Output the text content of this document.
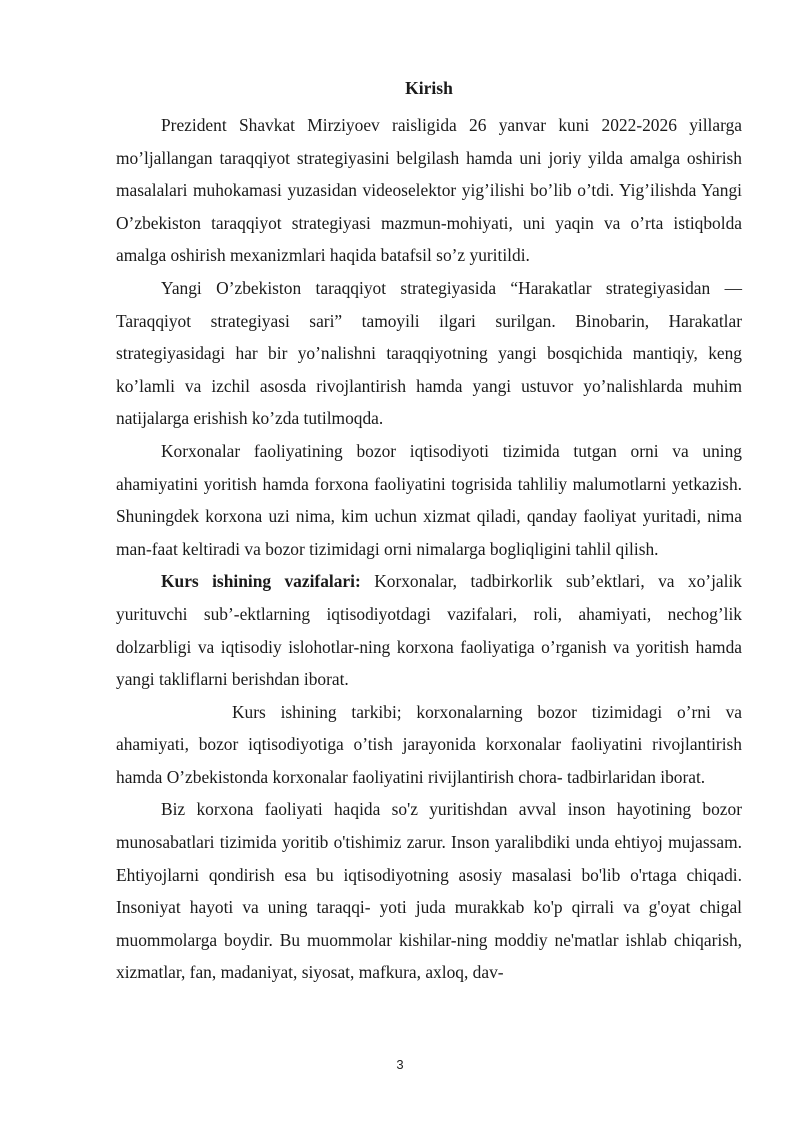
Kirish

Prezident Shavkat Mirziyoev raisligida 26 yanvar kuni 2022-2026 yillarga mo’ljallangan taraqqiyot strategiyasini belgilash hamda uni joriy yilda amalga oshirish masalalari muhokamasi yuzasidan videoselektor yig’ilishi bo’lib o’tdi. Yig’ilishda Yangi O’zbekiston taraqqiyot strategiyasi mazmun-mohiyati, uni yaqin va o’rta istiqbolda amalga oshirish mexanizmlari haqida batafsil so’z yuritildi.

Yangi O’zbekiston taraqqiyot strategiyasida “Harakatlar strategiyasidan — Taraqqiyot strategiyasi sari” tamoyili ilgari surilgan. Binobarin, Harakatlar strategiyasidagi har bir yo’nalishni taraqqiyotning yangi bosqichida mantiqiy, keng ko’lamli va izchil asosda rivojlantirish hamda yangi ustuvor yo’nalishlarda muhim natijalarga erishish ko’zda tutilmoqda.

Korxonalar faoliyatining bozor iqtisodiyoti tizimida tutgan orni va uning ahamiyatini yoritish hamda forxona faoliyatini togrisida tahliliy malumotlarni yetkazish. Shuningdek korxona uzi nima, kim uchun xizmat qiladi, qanday faoliyat yuritadi, nima man-faat keltiradi va bozor tizimidagi orni nimalarga bogliqligini tahlil qilish.

Kurs ishining vazifalari: Korxonalar, tadbirkorlik sub’ektlari, va xo’jalik yurituvchi sub’-ektlarning iqtisodiyotdagi vazifalari, roli, ahamiyati, nechog’lik dolzarbligi va iqtisodiy islohotlar-ning korxona faoliyatiga o’rganish va yoritish hamda yangi takliflarni berishdan iborat.

Kurs ishining tarkibi; korxonalarning bozor tizimidagi o’rni va ahamiyati, bozor iqtisodiyotiga o’tish jarayonida korxonalar faoliyatini rivojlantirish hamda O’zbekistonda korxonalar faoliyatini rivijlantirish chora- tadbirlaridan iborat.

Biz korxona faoliyati haqida so'z yuritishdan avval inson hayotining bozor munosabatlari tizimida yoritib o'tishimiz zarur. Inson yaralibdiki unda ehtiyoj mujassam. Ehtiyojlarni qondirish esa bu iqtisodiyotning asosiy masalasi bo'lib o'rtaga chiqadi. Insoniyat hayoti va uning taraqqi- yoti juda murakkab ko'p qirrali va g'oyat chigal muommolarga boydir. Bu muommolar kishilar-ning moddiy ne'matlar ishlab chiqarish, xizmatlar, fan, madaniyat, siyosat, mafkura, axloq, dav-

3
